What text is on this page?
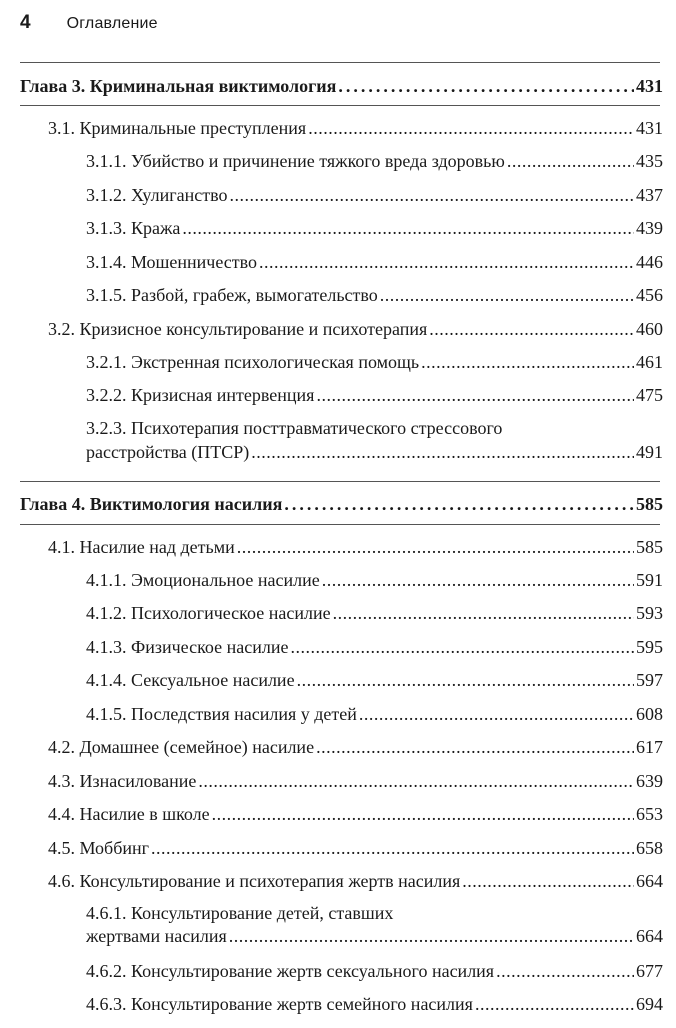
4 Оглавление
Глава 3. Криминальная виктимология .....	431
3.1. Криминальные преступления .....	431
3.1.1. Убийство и причинение тяжкого вреда здоровью .....	435
3.1.2. Хулиганство .....	437
3.1.3. Кража .....	439
3.1.4. Мошенничество .....	446
3.1.5. Разбой, грабеж, вымогательство .....	456
3.2. Кризисное консультирование и психотерапия .....	460
3.2.1. Экстренная психологическая помощь .....	461
3.2.2. Кризисная интервенция .....	475
3.2.3. Психотерапия посттравматического стрессового
расстройства (ПТСР) .....	491
Глава 4. Виктимология насилия .....	585
4.1. Насилие над детьми .....	585
4.1.1. Эмоциональное насилие .....	591
4.1.2. Психологическое насилие .....	593
4.1.3. Физическое насилие .....	595
4.1.4. Сексуальное насилие .....	597
4.1.5. Последствия насилия у детей .....	608
4.2. Домашнее (семейное) насилие .....	617
4.3. Изнасилование .....	639
4.4. Насилие в школе .....	653
4.5. Моббинг .....	658
4.6. Консультирование и психотерапия жертв насилия .....	664
4.6.1. Консультирование детей, ставших
жертвами насилия .....	664
4.6.2. Консультирование жертв сексуального насилия .....	677
4.6.3. Консультирование жертв семейного насилия .....	694
